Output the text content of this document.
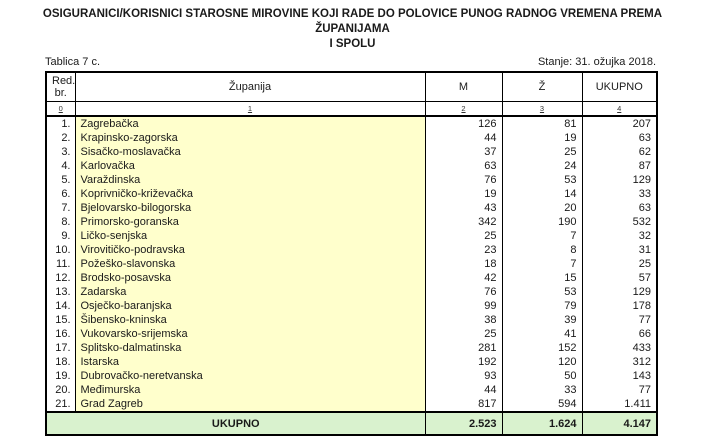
OSIGURANICI/KORISNICI STAROSNE MIROVINE KOJI RADE DO POLOVICE PUNOG RADNOG VREMENA PREMA ŽUPANIJAMA
I SPOLU
Tablica 7 c.	Stanje: 31. ožujka 2018.
Red.
br.	Županija	M	Ž	UKUPNO
0	1	2	3	4
1.	Zagrebačka	126	81	207
2.	Krapinsko-zagorska	44	19	63
3.	Sisačko-moslavačka	37	25	62
4.	Karlovačka	63	24	87
5.	Varaždinska	76	53	129
6.	Koprivničko-križevačka	19	14	33
7.	Bjelovarsko-bilogorska	43	20	63
8.	Primorsko-goranska	342	190	532
9.	Ličko-senjska	25	7	32
10.	Virovitičko-podravska	23	8	31
11.	Požeško-slavonska	18	7	25
12.	Brodsko-posavska	42	15	57
13.	Zadarska	76	53	129
14.	Osječko-baranjska	99	79	178
15.	Šibensko-kninska	38	39	77
16.	Vukovarsko-srijemska	25	41	66
17.	Splitsko-dalmatinska	281	152	433
18.	Istarska	192	120	312
19.	Dubrovačko-neretvanska	93	50	143
20.	Međimurska	44	33	77
21.	Grad Zagreb	817	594	1.411
UKUPNO		2.523	1.624	4.147
